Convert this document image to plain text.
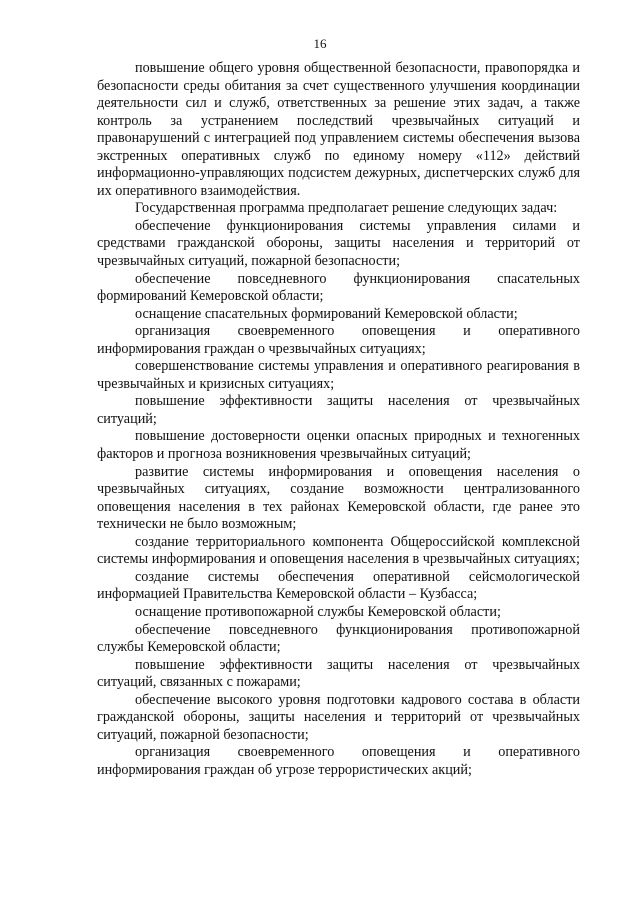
16

повышение общего уровня общественной безопасности, правопорядка и безопасности среды обитания за счет существенного улучшения координации деятельности сил и служб, ответственных за решение этих задач, а также контроль за устранением последствий чрезвычайных ситуаций и правонарушений с интеграцией под управлением системы обеспечения вызова экстренных оперативных служб по единому номеру «112» действий информационно-управляющих подсистем дежурных, диспетчерских служб для их оперативного взаимодействия.

Государственная программа предполагает решение следующих задач:

обеспечение функционирования системы управления силами и средствами гражданской обороны, защиты населения и территорий от чрезвычайных ситуаций, пожарной безопасности;

обеспечение повседневного функционирования спасательных формирований Кемеровской области;

оснащение спасательных формирований Кемеровской области;

организация своевременного оповещения и оперативного информирования граждан о чрезвычайных ситуациях;

совершенствование системы управления и оперативного реагирования в чрезвычайных и кризисных ситуациях;

повышение эффективности защиты населения от чрезвычайных ситуаций;

повышение достоверности оценки опасных природных и техногенных факторов и прогноза возникновения чрезвычайных ситуаций;

развитие системы информирования и оповещения населения о чрезвычайных ситуациях, создание возможности централизованного оповещения населения в тех районах Кемеровской области, где ранее это технически не было возможным;

создание территориального компонента Общероссийской комплексной системы информирования и оповещения населения в чрезвычайных ситуациях;

создание системы обеспечения оперативной сейсмологической информацией Правительства Кемеровской области – Кузбасса;

оснащение противопожарной службы Кемеровской области;

обеспечение повседневного функционирования противопожарной службы Кемеровской области;

повышение эффективности защиты населения от чрезвычайных ситуаций, связанных с пожарами;

обеспечение высокого уровня подготовки кадрового состава в области гражданской обороны, защиты населения и территорий от чрезвычайных ситуаций, пожарной безопасности;

организация своевременного оповещения и оперативного информирования граждан об угрозе террористических акций;
